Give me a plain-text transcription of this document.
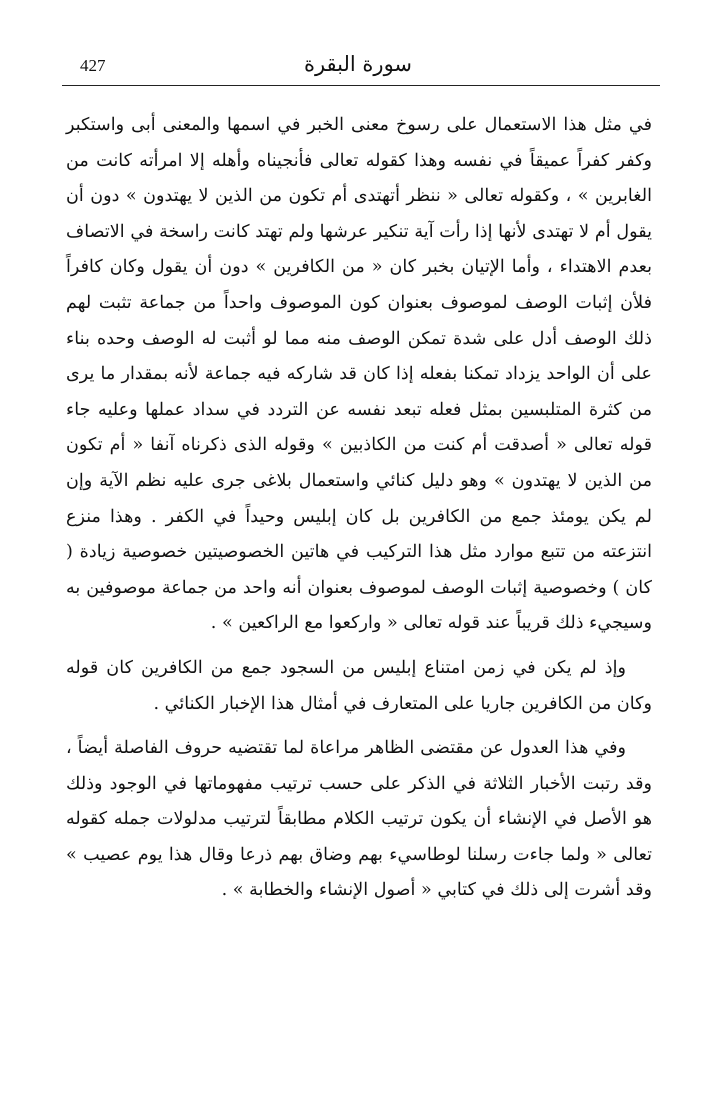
427	سورة البقرة

في مثل هذا الاستعمال على رسوخ معنى الخبر في اسمها والمعنى أبى واستكبر وكفر كفراً عميقاً في نفسه وهذا كقوله تعالى فأنجيناه وأهله إلا امرأته كانت من الغابرين » ، وكقوله تعالى « ننظر أتهتدى أم تكون من الذين لا يهتدون » دون أن يقول أم لا تهتدى لأنها إذا رأت آية تنكير عرشها ولم تهتد كانت راسخة في الاتصاف بعدم الاهتداء ، وأما الإتيان بخبر كان « من الكافرين » دون أن يقول وكان كافراً فلأن إثبات الوصف لموصوف بعنوان كون الموصوف واحداً من جماعة تثبت لهم ذلك الوصف أدل على شدة تمكن الوصف منه مما لو أثبت له الوصف وحده بناء على أن الواحد يزداد تمكنا بفعله إذا كان قد شاركه فيه جماعة لأنه بمقدار ما يرى من كثرة المتلبسين بمثل فعله تبعد نفسه عن التردد في سداد عملها وعليه جاء قوله تعالى « أصدقت أم كنت من الكاذبين » وقوله الذى ذكرناه آنفا « أم تكون من الذين لا يهتدون » وهو دليل كنائي واستعمال بلاغى جرى عليه نظم الآية وإن لم يكن يومئذ جمع من الكافرين بل كان إبليس وحيداً في الكفر . وهذا منزع انتزعته من تتبع موارد مثل هذا التركيب في هاتين الخصوصيتين خصوصية زيادة ( كان ) وخصوصية إثبات الوصف لموصوف بعنوان أنه واحد من جماعة موصوفين به وسيجيء ذلك قريباً عند قوله تعالى « واركعوا مع الراكعين » .

وإذ لم يكن في زمن امتناع إبليس من السجود جمع من الكافرين كان قوله وكان من الكافرين جاريا على المتعارف في أمثال هذا الإخبار الكنائي .

وفي هذا العدول عن مقتضى الظاهر مراعاة لما تقتضيه حروف الفاصلة أيضاً ، وقد رتبت الأخبار الثلاثة في الذكر على حسب ترتيب مفهوماتها في الوجود وذلك هو الأصل في الإنشاء أن يكون ترتيب الكلام مطابقاً لترتيب مدلولات جمله كقوله تعالى « ولما جاءت رسلنا لوطاسيء بهم وضاق بهم ذرعا وقال هذا يوم عصيب » وقد أشرت إلى ذلك في كتابي « أصول الإنشاء والخطابة » .
